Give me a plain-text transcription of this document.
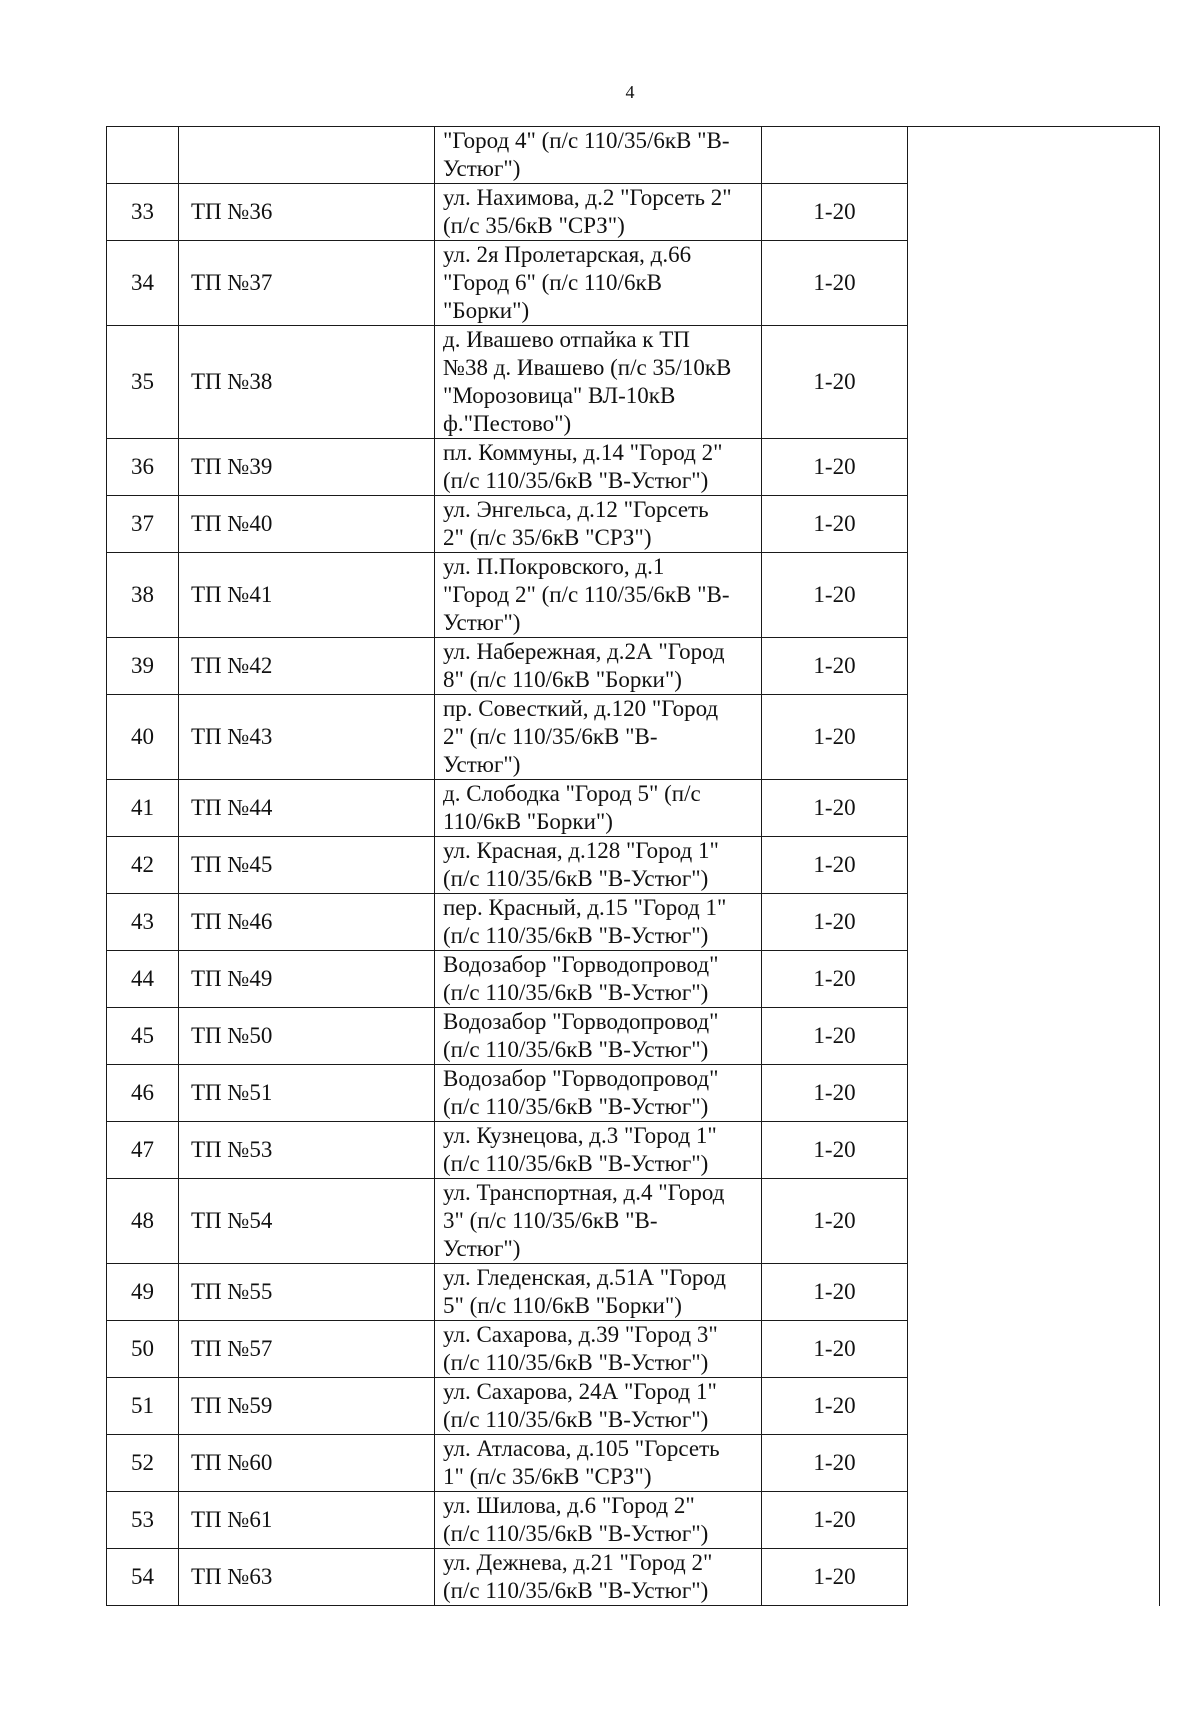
4

		"Город 4" (п/с 110/35/6кВ "В-
Устюг")		

33	ТП №36	ул. Нахимова, д.2 "Горсеть 2"
(п/с 35/6кВ "СРЗ")	1-20	
34	ТП №37	ул. 2я Пролетарская, д.66
"Город 6" (п/с 110/6кВ
"Борки")	1-20	
35	ТП №38	д. Ивашево отпайка к ТП
№38 д. Ивашево (п/с 35/10кВ
"Морозовица" ВЛ-10кВ
ф."Пестово")	1-20	
36	ТП №39	пл. Коммуны, д.14 "Город 2"
(п/с 110/35/6кВ "В-Устюг")	1-20	
37	ТП №40	ул. Энгельса, д.12 "Горсеть
2" (п/с 35/6кВ "СРЗ")	1-20	
38	ТП №41	ул. П.Покровского, д.1
"Город 2" (п/с 110/35/6кВ "В-
Устюг")	1-20	
39	ТП №42	ул. Набережная, д.2А "Город
8" (п/с 110/6кВ "Борки")	1-20	
40	ТП №43	пр. Совесткий, д.120 "Город
2" (п/с 110/35/6кВ "В-
Устюг")	1-20	
41	ТП №44	д. Слободка "Город 5" (п/с
110/6кВ "Борки")	1-20	
42	ТП №45	ул. Красная, д.128 "Город 1"
(п/с 110/35/6кВ "В-Устюг")	1-20	
43	ТП №46	пер. Красный, д.15 "Город 1"
(п/с 110/35/6кВ "В-Устюг")	1-20	
44	ТП №49	Водозабор "Горводопровод"
(п/с 110/35/6кВ "В-Устюг")	1-20	
45	ТП №50	Водозабор "Горводопровод"
(п/с 110/35/6кВ "В-Устюг")	1-20	
46	ТП №51	Водозабор "Горводопровод"
(п/с 110/35/6кВ "В-Устюг")	1-20	
47	ТП №53	ул. Кузнецова, д.3 "Город 1"
(п/с 110/35/6кВ "В-Устюг")	1-20	
48	ТП №54	ул. Транспортная, д.4 "Город
3" (п/с 110/35/6кВ "В-
Устюг")	1-20	
49	ТП №55	ул. Гледенская, д.51А "Город
5" (п/с 110/6кВ "Борки")	1-20	
50	ТП №57	ул. Сахарова, д.39 "Город 3"
(п/с 110/35/6кВ "В-Устюг")	1-20	
51	ТП №59	ул. Сахарова, 24А "Город 1"
(п/с 110/35/6кВ "В-Устюг")	1-20	
52	ТП №60	ул. Атласова, д.105 "Горсеть
1" (п/с 35/6кВ "СРЗ")	1-20	
53	ТП №61	ул. Шилова, д.6 "Город 2"
(п/с 110/35/6кВ "В-Устюг")	1-20	
54	ТП №63	ул. Дежнева, д.21 "Город 2"
(п/с 110/35/6кВ "В-Устюг")	1-20	
